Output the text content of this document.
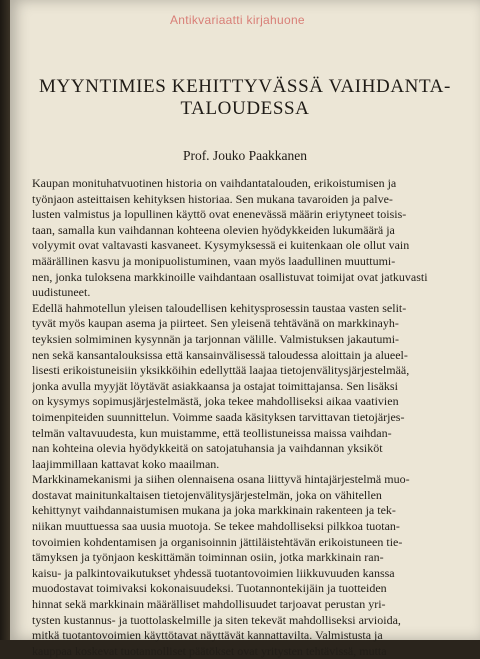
Antikvariaatti kirjahuone
MYYNTIMIES KEHITTYVÄSSÄ VAIHDANTA-
TALOUDESSA
Prof. Jouko Paakkanen
Kaupan monituhatvuotinen historia on vaihdantatalouden, erikoistumisen ja
työnjaon asteittaisen kehityksen historiaa. Sen mukana tavaroiden ja palve-
lusten valmistus ja lopullinen käyttö ovat enenevässä määrin eriytyneet toisis-
taan, samalla kun vaihdannan kohteena olevien hyödykkeiden lukumäärä ja
volyymit ovat valtavasti kasvaneet. Kysymyksessä ei kuitenkaan ole ollut vain
määrällinen kasvu ja monipuolistuminen, vaan myös laadullinen muuttumi-
nen, jonka tuloksena markkinoille vaihdantaan osallistuvat toimijat ovat jatkuvasti
uudistuneet.
Edellä hahmotellun yleisen taloudellisen kehitysprosessin taustaa vasten selit-
tyvät myös kaupan asema ja piirteet. Sen yleisenä tehtävänä on markkinayh-
teyksien solmiminen kysynnän ja tarjonnan välille. Valmistuksen jakautumi-
nen sekä kansantalouksissa että kansainvälisessä taloudessa aloittain ja alueel-
lisesti erikoistuneisiin yksikköihin edellyttää laajaa tietojenvälitysjärjestelmää,
jonka avulla myyjät löytävät asiakkaansa ja ostajat toimittajansa. Sen lisäksi
on kysymys sopimusjärjestelmästä, joka tekee mahdolliseksi aikaa vaativien
toimenpiteiden suunnittelun. Voimme saada käsityksen tarvittavan tietojärjes-
telmän valtavuudesta, kun muistamme, että teollistuneissa maissa vaihdan-
nan kohteina olevia hyödykkeitä on satojatuhansia ja vaihdannan yksiköt
laajimmillaan kattavat koko maailman.
Markkinamekanismi ja siihen olennaisena osana liittyvä hintajärjestelmä muo-
dostavat mainitunkaltaisen tietojenvälitysjärjestelmän, joka on vähitellen
kehittynyt vaihdannaistumisen mukana ja joka markkinain rakenteen ja tek-
niikan muuttuessa saa uusia muotoja. Se tekee mahdolliseksi pilkkoa tuotan-
tovoimien kohdentamisen ja organisoinnin jättiläistehtävän erikoistuneen tie-
tämyksen ja työnjaon keskittämän toiminnan osiin, jotka markkinain ran-
kaisu- ja palkintovaikutukset yhdessä tuotantovoimien liikkuvuuden kanssa
muodostavat toimivaksi kokonaisuudeksi. Tuotannontekijäin ja tuotteiden
hinnat sekä markkinain määrälliset mahdollisuudet tarjoavat perustan yri-
tysten kustannus- ja tuottolaskelmille ja siten tekevät mahdolliseksi arvioida,
mitkä tuotantovoimien käyttötavat näyttävät kannattavilta. Valmistusta ja
kauppaa koskevat tuotannolliset päätökset ovat yritysten tehtävissä, mutta
